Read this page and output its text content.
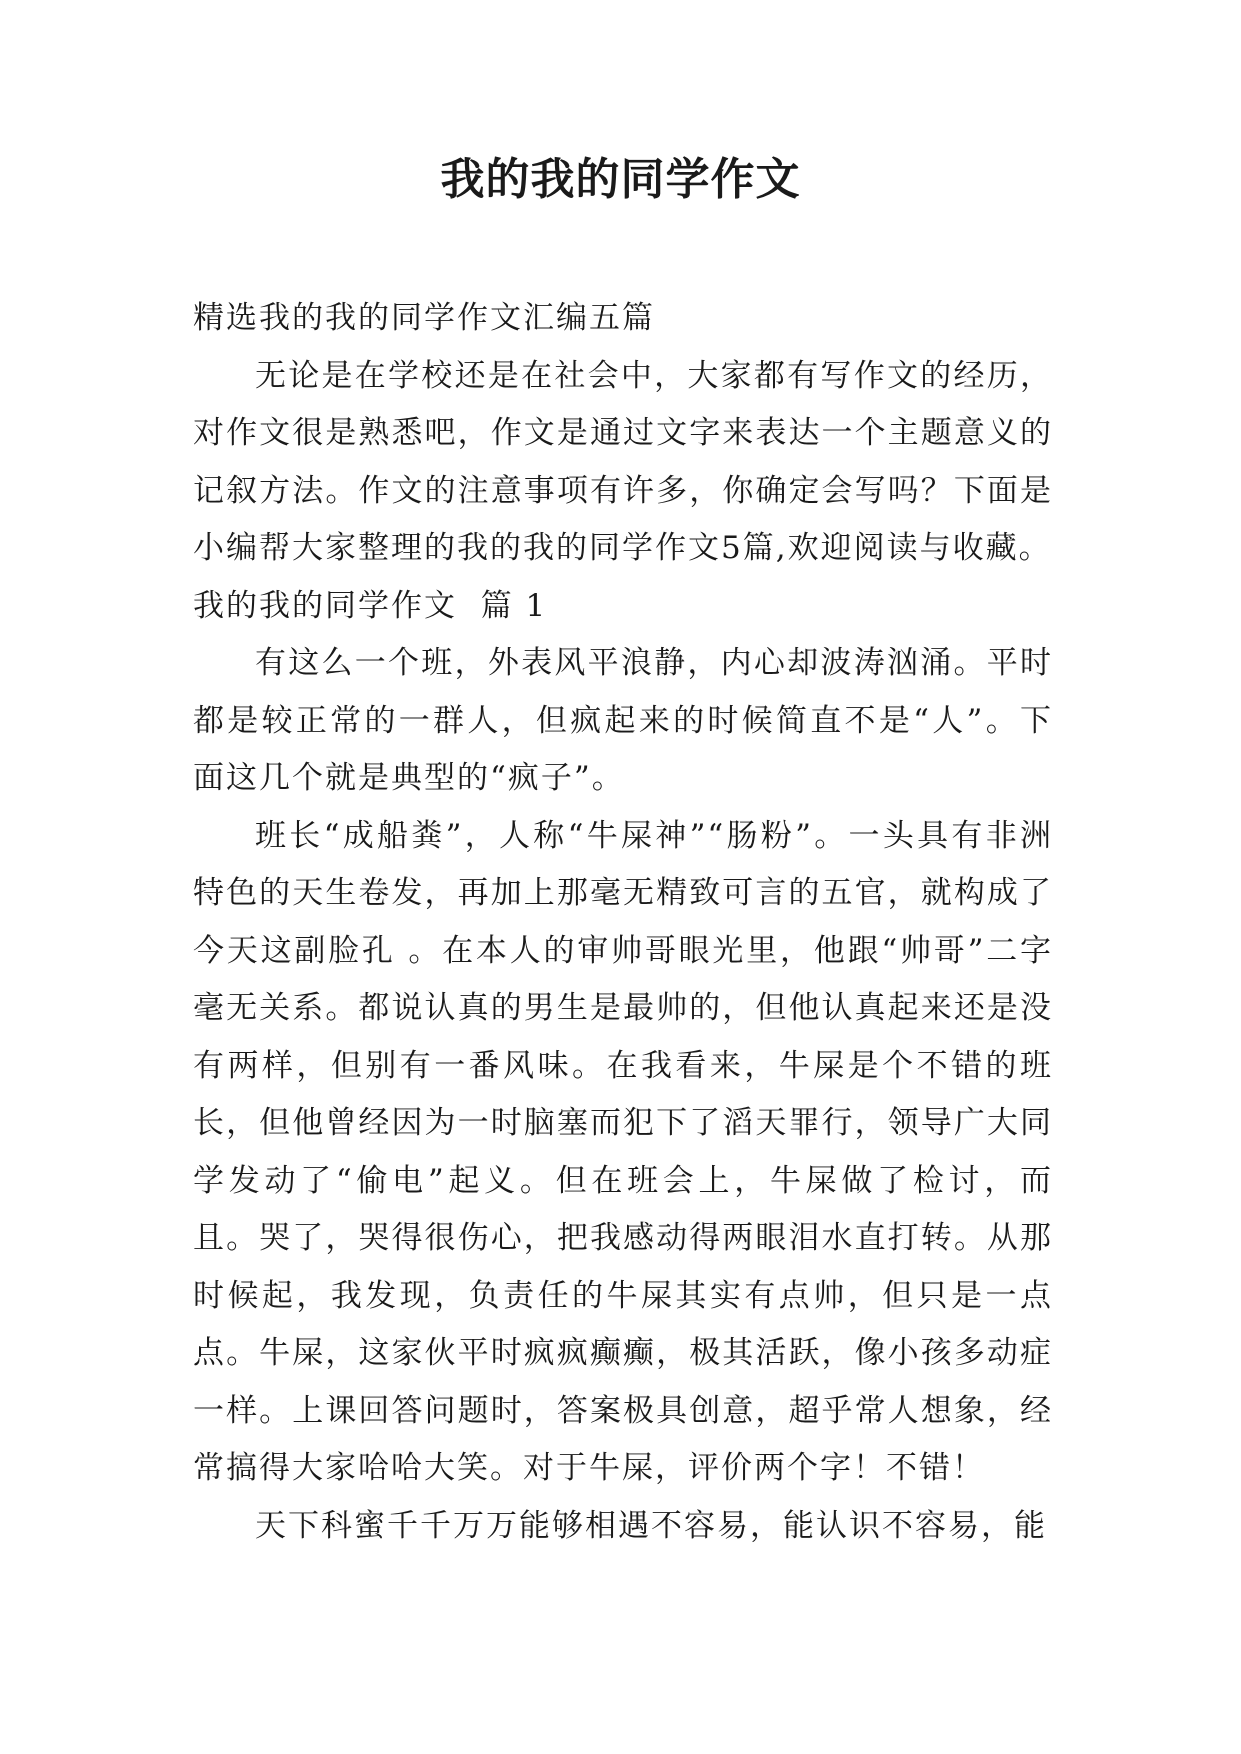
我的我的同学作文

精选我的我的同学作文汇编五篇

无论是在学校还是在社会中，大家都有写作文的经历，对作文很是熟悉吧，作文是通过文字来表达一个主题意义的记叙方法。作文的注意事项有许多，你确定会写吗？下面是小编帮大家整理的我的我的同学作文5篇,欢迎阅读与收藏。

我的我的同学作文  篇 1

有这么一个班，外表风平浪静，内心却波涛汹涌。平时都是较正常的一群人，但疯起来的时候简直不是“人”。下面这几个就是典型的“疯子”。

班长“成船粪”，人称“牛屎神”“肠粉”。一头具有非洲特色的天生卷发，再加上那毫无精致可言的五官，就构成了今天这副脸孔 。在本人的审帅哥眼光里，他跟“帅哥”二字毫无关系。都说认真的男生是最帅的，但他认真起来还是没有两样，但别有一番风味。在我看来，牛屎是个不错的班长，但他曾经因为一时脑塞而犯下了滔天罪行，领导广大同学发动了“偷电”起义。但在班会上，牛屎做了检讨，而且。哭了，哭得很伤心，把我感动得两眼泪水直打转。从那时候起，我发现，负责任的牛屎其实有点帅，但只是一点点。牛屎，这家伙平时疯疯癫癫，极其活跃，像小孩多动症一样。上课回答问题时，答案极具创意，超乎常人想象，经常搞得大家哈哈大笑。对于牛屎，评价两个字！不错！

天下科蜜千千万万能够相遇不容易，能认识不容易，能
